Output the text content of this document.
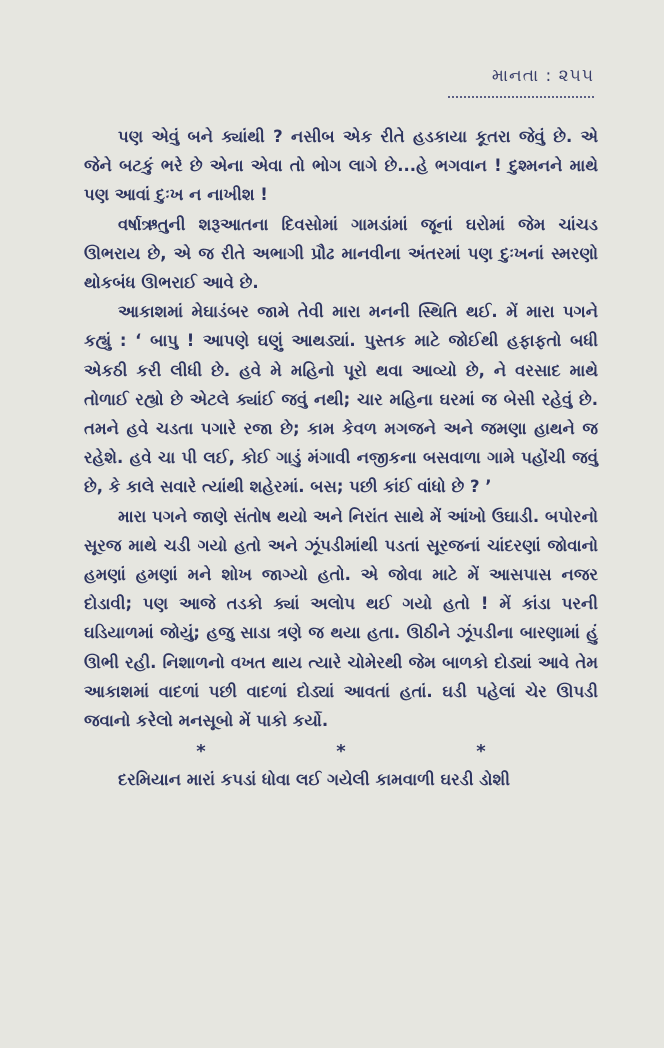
માનતા : ૨૫૫

પણ એવું બને ક્યાંથી ? નસીબ એક રીતે હડકાયા કૂતરા જેવું છે. એ જેને બટકું ભરે છે એના એવા તો ભોગ લાગે છે...હે ભગવાન ! દુશ્મનને માથે પણ આવાં દુઃખ ન નાખીશ !

વર્ષાઋતુની શરૂઆતના દિવસોમાં ગામડાંમાં જૂનાં ઘરોમાં જેમ ચાંચડ ઊભરાય છે, એ જ રીતે અભાગી પ્રૌઢ માનવીના અંતરમાં પણ દુઃખનાં સ્મરણો થોકબંધ ઊભરાઈ આવે છે.

આકાશમાં મેઘાડંબર જામે તેવી મારા મનની સ્થિતિ થઈ. મેં મારા પગને કહ્યું : ‘ બાપુ ! આપણે ઘણું આથડ્યાં. પુસ્તક માટે જોઈથી હફાફતો બધી એકઠી કરી લીધી છે. હવે મે મહિનો પૂરો થવા આવ્યો છે, ને વરસાદ માથે તોળાઈ રહ્યો છે એટલે ક્યાંઈ જવું નથી; ચાર મહિના ઘરમાં જ બેસી રહેવું છે. તમને હવે ચડતા પગારે રજા છે; કામ કેવળ મગજને અને જમણા હાથને જ રહેશે. હવે ચા પી લઈ, કોઈ ગાડું મંગાવી નજીકના બસવાળા ગામે પહોંચી જવું છે, કે કાલે સવારે ત્યાંથી શહેરમાં. બસ; પછી કાંઈ વાંધો છે ? ’

મારા પગને જાણે સંતોષ થયો અને નિરાંત સાથે મેં આંખો ઉઘાડી. બપોરનો સૂરજ માથે ચડી ગયો હતો અને ઝૂંપડીમાંથી પડતાં સૂરજનાં ચાંદરણાં જોવાનો હમણાં હમણાં મને શોખ જાગ્યો હતો. એ જોવા માટે મેં આસપાસ નજર દોડાવી; પણ આજે તડકો ક્યાં અલોપ થઈ ગયો હતો ! મેં કાંડા પરની ઘડિયાળમાં જોયું; હજુ સાડા ત્રણે જ થયા હતા. ઊઠીને ઝૂંપડીના બારણામાં હું ઊભી રહી. નિશાળનો વખત થાય ત્યારે ચોમેરથી જેમ બાળકો દોડ્યાં આવે તેમ આકાશમાં વાદળાં પછી વાદળાં દોડ્યાં આવતાં હતાં. ઘડી પહેલાં ચેર ઊપડી જવાનો કરેલો મનસૂબો મેં પાકો કર્યો.

*	*	*

દરમિયાન મારાં કપડાં ધોવા લઈ ગયેલી કામવાળી ઘરડી ડોશી
